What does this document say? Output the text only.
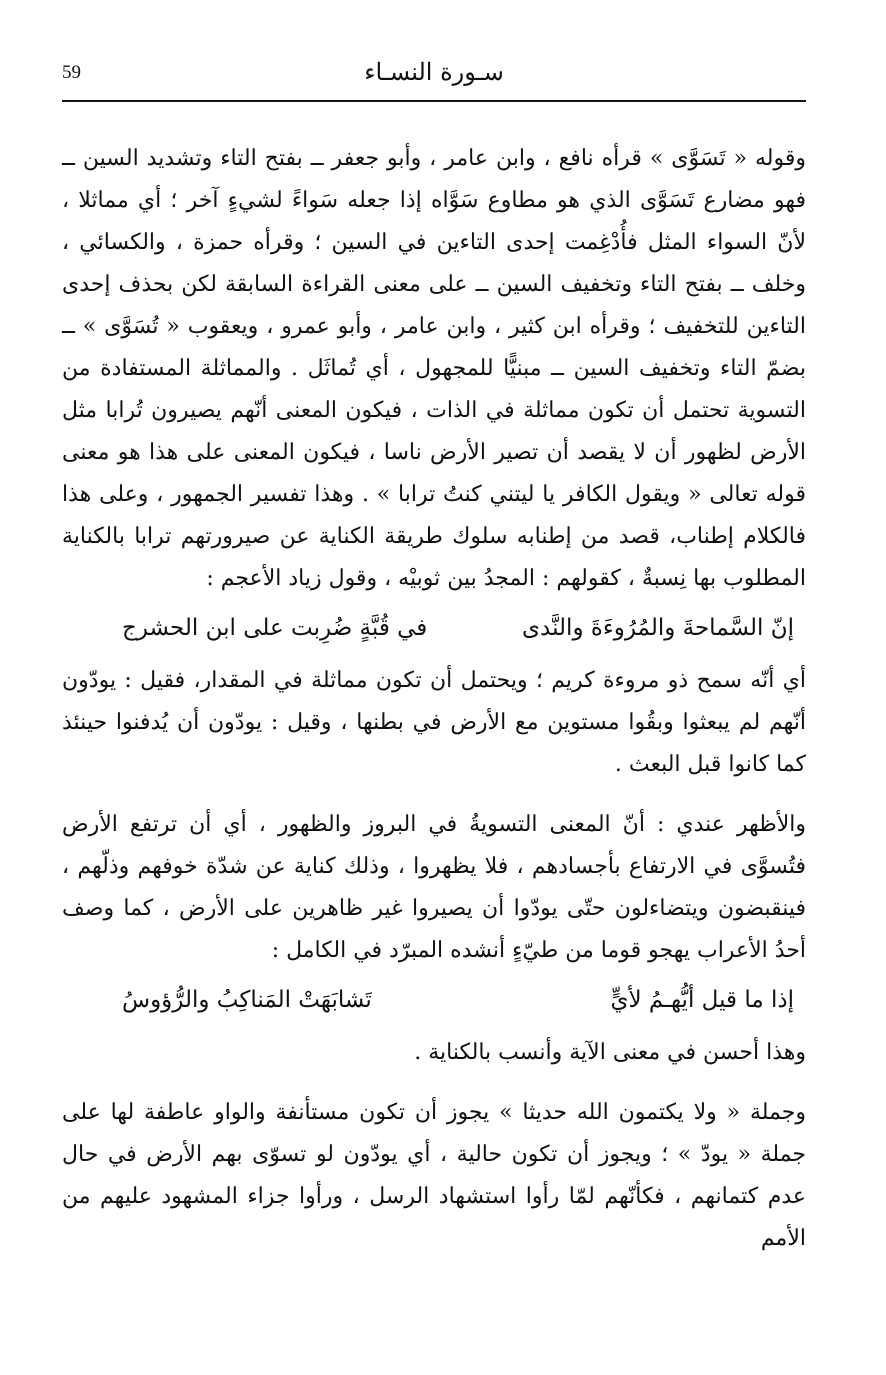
59	سـورة النسـاء

وقوله « تَسَوَّى » قرأه نافع ، وابن عامر ، وأبو جعفر ــ بفتح التاء وتشديد السين ــ فهو مضارع تَسَوَّى الذي هو مطاوع سَوَّاه إذا جعله سَواءً لشيءٍ آخر ؛ أي مماثلا ، لأنّ السواء المثل فأُدْغِمت إحدى التاءين في السين ؛ وقرأه حمزة ، والكسائي ، وخلف ــ بفتح التاء وتخفيف السين ــ على معنى القراءة السابقة لكن بحذف إحدى التاءين للتخفيف ؛ وقرأه ابن كثير ، وابن عامر ، وأبو عمرو ، ويعقوب « تُسَوَّى » ــ بضمّ التاء وتخفيف السين ــ مبنيًّا للمجهول ، أي تُماثَل . والمماثلة المستفادة من التسوية تحتمل أن تكون مماثلة في الذات ، فيكون المعنى أنّهم يصيرون تُرابا مثل الأرض لظهور أن لا يقصد أن تصير الأرض ناسا ، فيكون المعنى على هذا هو معنى قوله تعالى « ويقول الكافر يا ليتني كنتُ ترابا » . وهذا تفسير الجمهور ، وعلى هذا فالكلام إطناب، قصد من إطنابه سلوك طريقة الكناية عن صيرورتهم ترابا بالكناية المطلوب بها نِسبةٌ ، كقولهم : المجدُ بين ثوبيْه ، وقول زياد الأعجم :

إنّ السَّماحةَ والمُرُوءَةَ والنَّدى
في قُبَّةٍ ضُرِبت على ابن الحشرج

أي أنّه سمح ذو مروءة كريم ؛ ويحتمل أن تكون مماثلة في المقدار، فقيل : يودّون أنّهم لم يبعثوا وبقُوا مستوين مع الأرض في بطنها ، وقيل : يودّون أن يُدفنوا حينئذ كما كانوا قبل البعث .

والأظهر عندي : أنّ المعنى التسويةُ في البروز والظهور ، أي أن ترتفع الأرض فتُسوَّى في الارتفاع بأجسادهم ، فلا يظهروا ، وذلك كناية عن شدّة خوفهم وذلّهم ، فينقبضون ويتضاءلون حتّى يودّوا أن يصيروا غير ظاهرين على الأرض ، كما وصف أحدُ الأعراب يهجو قوما من طيّءٍ أنشده المبرّد في الكامل :

إذا ما قيل أيُّهـمُ لأيٍّ
تَشابَهَتْ المَناكِبُ والرُّؤوسُ

وهذا أحسن في معنى الآية وأنسب بالكناية .

وجملة « ولا يكتمون الله حديثا » يجوز أن تكون مستأنفة والواو عاطفة لها على جملة « يودّ » ؛ ويجوز أن تكون حالية ، أي يودّون لو تسوّى بهم الأرض في حال عدم كتمانهم ، فكأنّهم لمّا رأوا استشهاد الرسل ، ورأوا جزاء المشهود عليهم من الأمم
